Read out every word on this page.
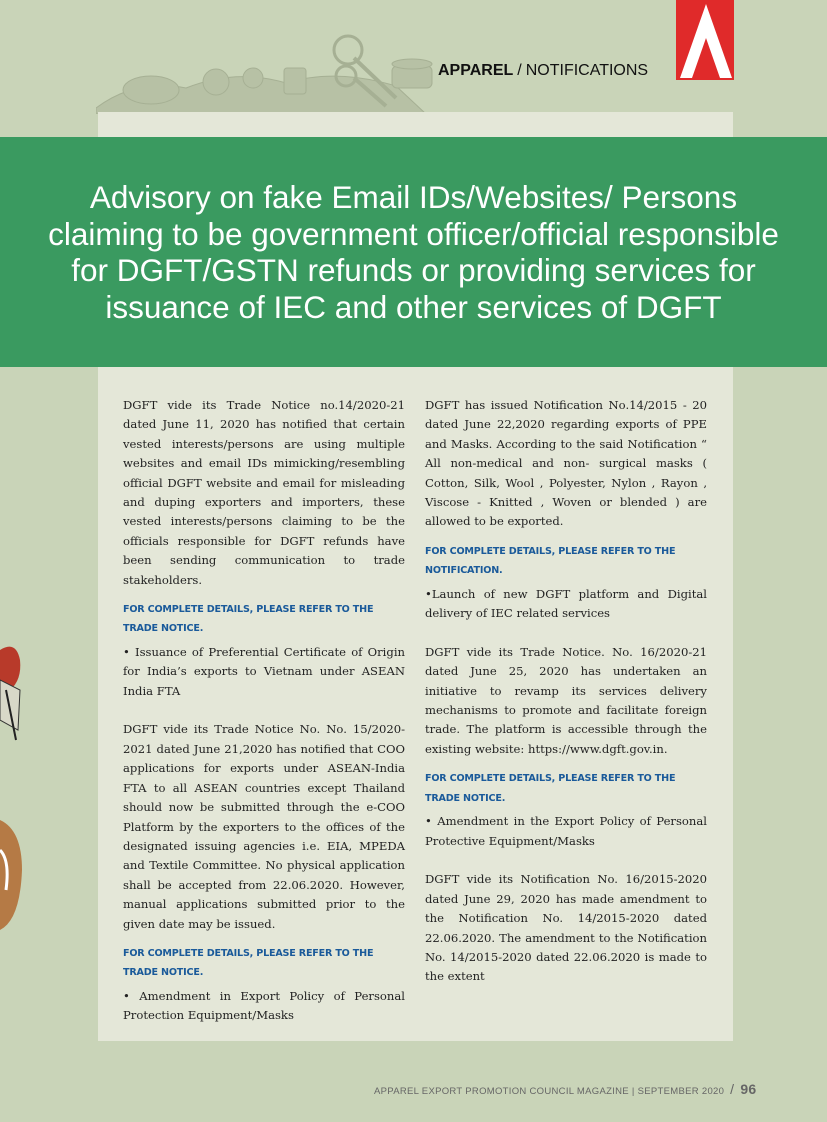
APPAREL / NOTIFICATIONS
Advisory on fake Email IDs/Websites/ Persons claiming to be government officer/official responsible for DGFT/GSTN refunds or providing services for issuance of IEC and other services of DGFT

DGFT vide its Trade Notice no.14/2020-21 dated June 11, 2020 has notified that certain vested interests/persons are using multiple websites and email IDs mimicking/resembling official DGFT website and email for misleading and duping exporters and importers, these vested interests/persons claiming to be the officials responsible for DGFT refunds have been sending communication to trade stakeholders.

FOR COMPLETE DETAILS, PLEASE REFER TO THE TRADE NOTICE.

• Issuance of Preferential Certificate of Origin for India’s exports to Vietnam under ASEAN India FTA

DGFT vide its Trade Notice No. No. 15/2020-2021 dated June 21,2020 has notified that COO applications for exports under ASEAN-India FTA to all ASEAN countries except Thailand should now be submitted through the e-COO Platform by the exporters to the offices of the designated issuing agencies i.e. EIA, MPEDA and Textile Committee. No physical application shall be accepted from 22.06.2020. However, manual applications submitted prior to the given date may be issued.

FOR COMPLETE DETAILS, PLEASE REFER TO THE TRADE NOTICE.

• Amendment in Export Policy of Personal Protection Equipment/Masks

DGFT has issued Notification No.14/2015 - 20 dated June 22,2020 regarding exports of PPE and Masks. According to the said Notification “ All non-medical and non- surgical masks ( Cotton, Silk, Wool , Polyester, Nylon , Rayon , Viscose - Knitted , Woven or blended ) are allowed to be exported.

FOR COMPLETE DETAILS, PLEASE REFER TO THE NOTIFICATION.

•Launch of new DGFT platform and Digital delivery of IEC related services

DGFT vide its Trade Notice. No. 16/2020-21 dated June 25, 2020 has undertaken an initiative to revamp its services delivery mechanisms to promote and facilitate foreign trade. The platform is accessible through the existing website: https://www.dgft.gov.in.

FOR COMPLETE DETAILS, PLEASE REFER TO THE TRADE NOTICE.

• Amendment in the Export Policy of Personal Protective Equipment/Masks

DGFT vide its Notification No. 16/2015-2020 dated June 29, 2020 has made amendment to the Notification No. 14/2015-2020 dated 22.06.2020. The amendment to the Notification No. 14/2015-2020 dated 22.06.2020 is made to the extent

APPAREL EXPORT PROMOTION COUNCIL MAGAZINE | SEPTEMBER 2020 / 96
